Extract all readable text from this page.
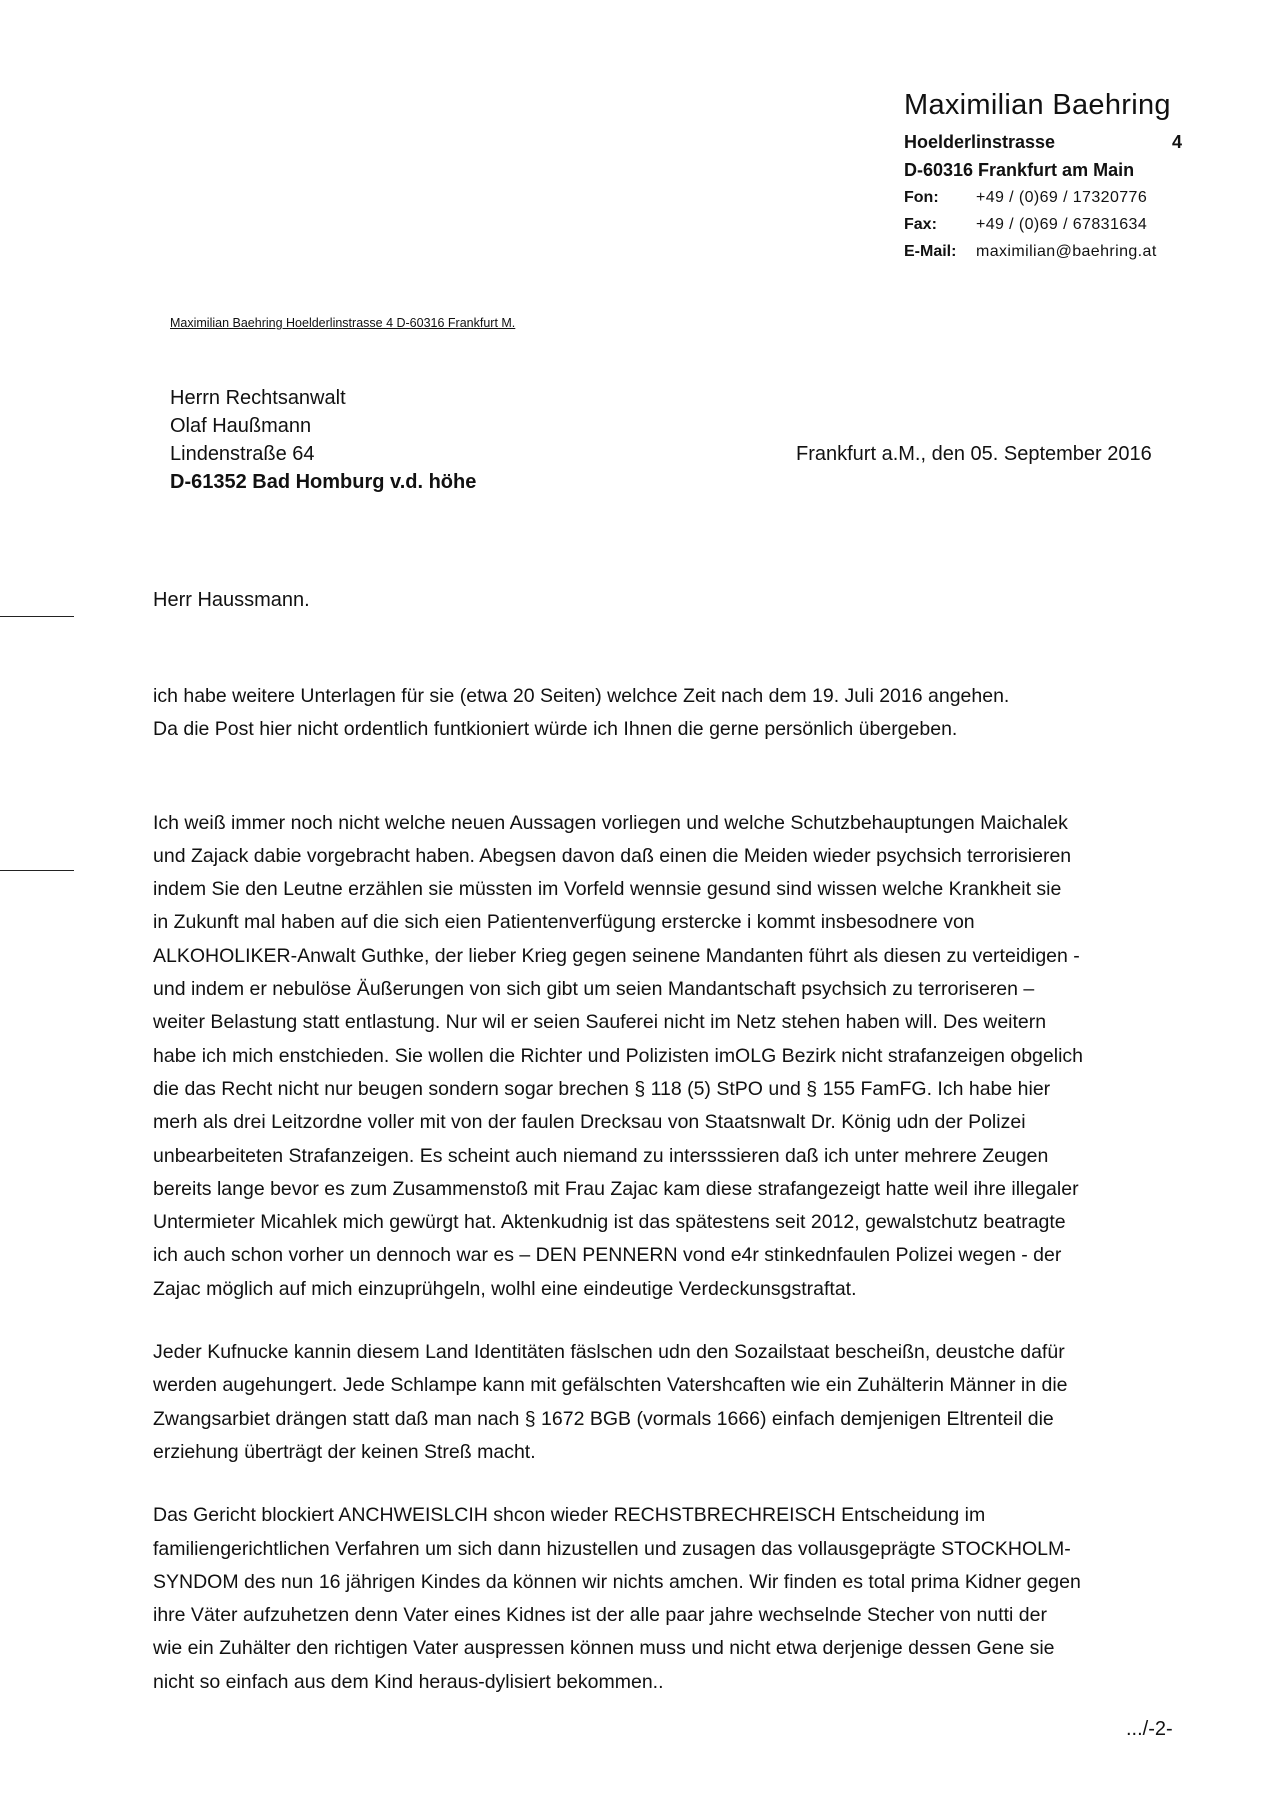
Maximilian Baehring
Hoelderlinstrasse	4
D-60316 Frankfurt am Main
Fon:	+49 / (0)69 / 17320776
Fax:	+49 / (0)69 / 67831634
E-Mail:	maximilian@baehring.at
Maximilian Baehring Hoelderlinstrasse 4 D-60316 Frankfurt M.
Herrn Rechtsanwalt
Olaf Haußmann
Lindenstraße 64
D-61352 Bad Homburg v.d. höhe
Frankfurt a.M., den 05. September 2016
Herr Haussmann.

ich habe weitere Unterlagen für sie (etwa 20 Seiten) welchce Zeit nach dem 19. Juli 2016 angehen.
Da die Post hier nicht ordentlich funtkioniert würde ich Ihnen die gerne persönlich übergeben.

Ich weiß immer noch nicht welche neuen Aussagen vorliegen und welche Schutzbehauptungen Maichalek
und Zajack dabie vorgebracht haben. Abegsen davon daß einen die Meiden wieder psychsich terrorisieren
indem Sie den Leutne erzählen sie müssten im Vorfeld wennsie gesund sind wissen welche Krankheit sie
in Zukunft mal haben auf die sich eien Patientenverfügung erstercke i kommt insbesodnere von
ALKOHOLIKER-Anwalt Guthke, der lieber Krieg gegen seinene Mandanten führt als diesen zu verteidigen -
und indem er nebulöse Äußerungen von sich gibt um seien Mandantschaft psychsich zu terroriseren –
weiter Belastung statt entlastung. Nur wil er seien Sauferei nicht im Netz stehen haben will. Des weitern
habe ich mich enstchieden. Sie wollen die Richter und Polizisten imOLG Bezirk nicht strafanzeigen obgelich
die das Recht nicht nur beugen sondern sogar brechen § 118 (5) StPO und § 155 FamFG. Ich habe hier
merh als drei Leitzordne voller mit von der faulen Drecksau von Staatsnwalt Dr. König udn der Polizei
unbearbeiteten Strafanzeigen. Es scheint auch niemand zu intersssieren daß ich unter mehrere Zeugen
bereits lange bevor es zum Zusammenstoß mit Frau Zajac kam diese strafangezeigt hatte weil ihre illegaler
Untermieter Micahlek mich gewürgt hat. Aktenkudnig ist das spätestens seit 2012, gewalstchutz beatragte
ich auch schon vorher un dennoch war es – DEN PENNERN vond e4r stinkednfaulen Polizei wegen - der
Zajac möglich auf mich einzuprühgeln, wolhl eine eindeutige Verdeckunsgstraftat.
Jeder Kufnucke kannin diesem Land Identitäten fäslschen udn den Sozailstaat bescheißn, deustche dafür
werden augehungert. Jede Schlampe kann mit gefälschten Vatershcaften wie ein Zuhälterin Männer in die
Zwangsarbiet drängen statt daß man nach § 1672 BGB (vormals 1666) einfach demjenigen Eltrenteil die
erziehung überträgt der keinen Streß macht.
Das Gericht blockiert ANCHWEISLCIH shcon wieder RECHSTBRECHREISCH Entscheidung im
familiengerichtlichen Verfahren um sich dann hizustellen und zusagen das vollausgeprägte STOCKHOLM-
SYNDOM des nun 16 jährigen Kindes da können wir nichts amchen. Wir finden es total prima Kidner gegen
ihre Väter aufzuhetzen denn Vater eines Kidnes ist der alle paar jahre wechselnde Stecher von nutti der
wie ein Zuhälter den richtigen Vater auspressen können muss und nicht etwa derjenige dessen Gene sie
nicht so einfach aus dem Kind heraus-dylisiert bekommen..
.../-2-
